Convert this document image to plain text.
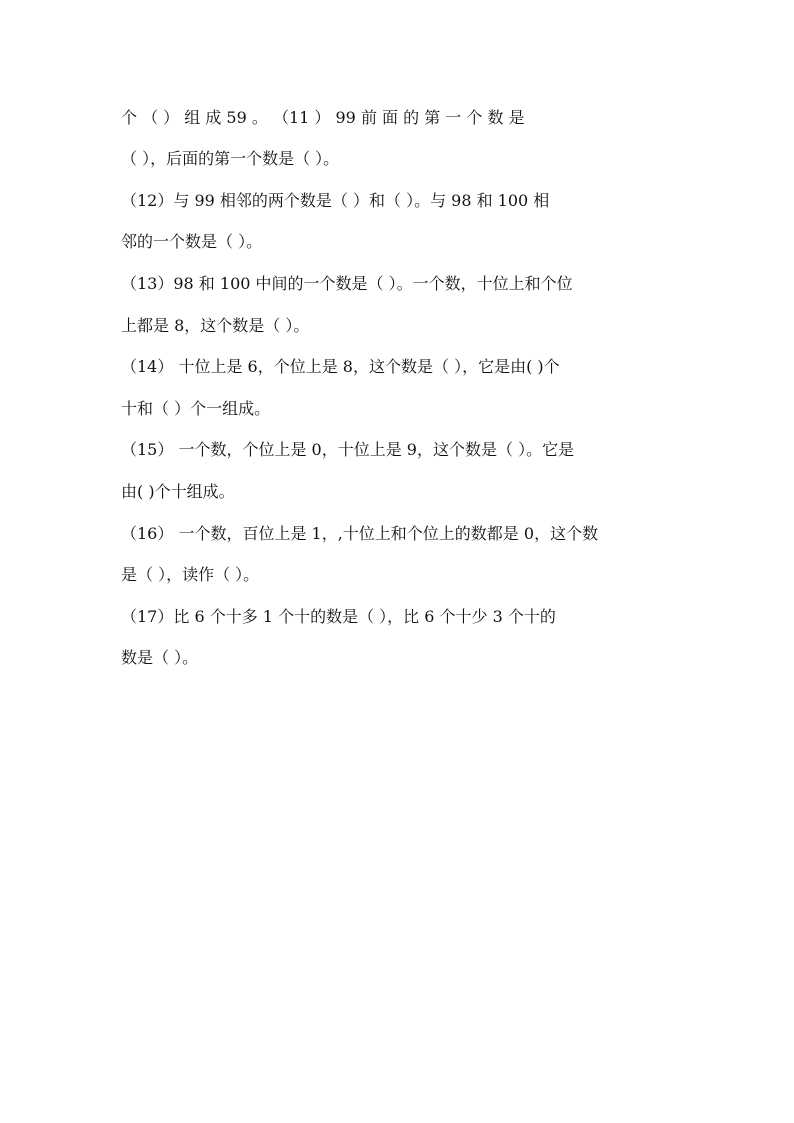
个 （ ） 组 成 59 。 （11 ） 99 前 面 的 第 一 个 数 是
（ ），后面的第一个数是（ ）。
（12）与 99 相邻的两个数是（ ）和（ ）。与 98 和 100 相
邻的一个数是（ ）。
（13）98 和 100 中间的一个数是（ ）。一个数，十位上和个位
上都是 8，这个数是（ ）。
（14） 十位上是 6，个位上是 8，这个数是（ ），它是由( )个
十和（ ）个一组成。
（15） 一个数，个位上是 0，十位上是 9，这个数是（ ）。它是
由( )个十组成。
（16） 一个数，百位上是 1，,十位上和个位上的数都是 0，这个数
是（ ），读作（ ）。
（17）比 6 个十多 1 个十的数是（ ），比 6 个十少 3 个十的
数是（ ）。
